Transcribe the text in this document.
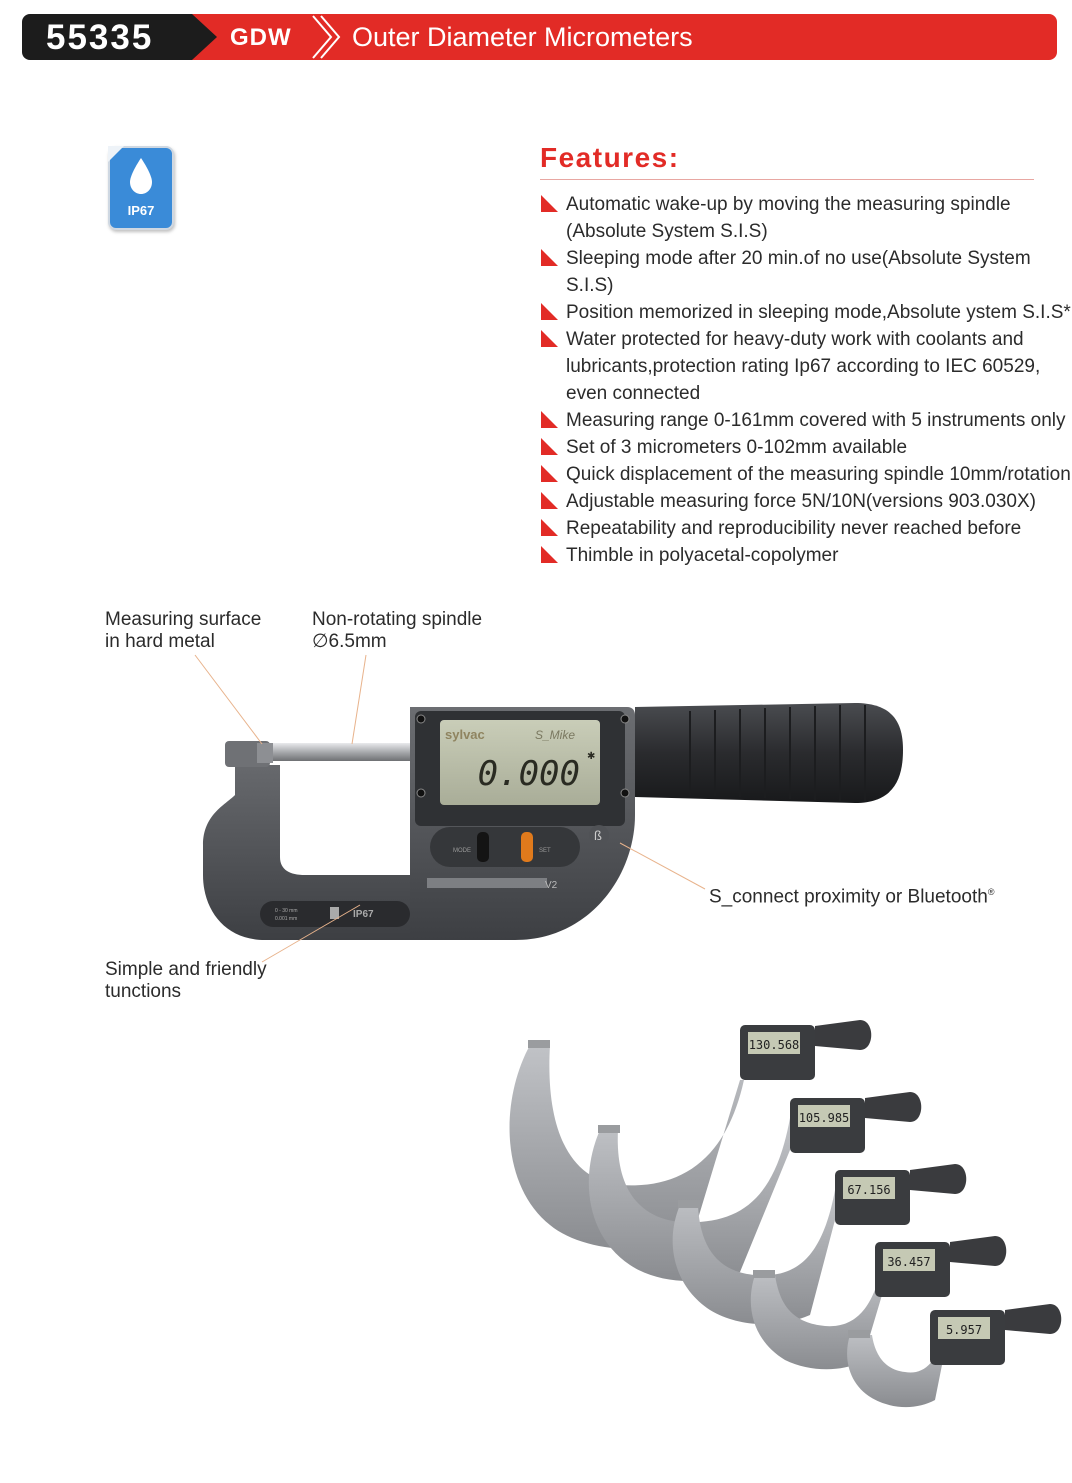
55335	GDW Outer Diameter Micrometers
IP67
Features:
Automatic wake-up by moving the measuring spindle (Absolute System S.I.S)
Sleeping mode after 20 min.of no use(Absolute System S.I.S)
Position memorized in sleeping mode,Absolute ystem S.I.S*
Water protected for heavy-duty work with coolants and lubricants,protection rating Ip67 according to IEC 60529, even connected
Measuring range 0-161mm covered with 5 instruments only
Set of 3 micrometers 0-102mm available
Quick displacement of the measuring spindle 10mm/rotation
Adjustable measuring force 5N/10N(versions 903.030X)
Repeatability and reproducibility never reached before
Thimble in polyacetal-copolymer
Measuring surface
in hard metal
Non-rotating spindle
∅6.5mm
S_connect proximity or Bluetooth®
Simple and friendly
tunctions
sylvac	S_Mike
0.000 ✱
MODE	SET
ß
V2
0 - 30 mm
0.001 mm	IP67
130.568
105.985
67.156
36.457
5.957
